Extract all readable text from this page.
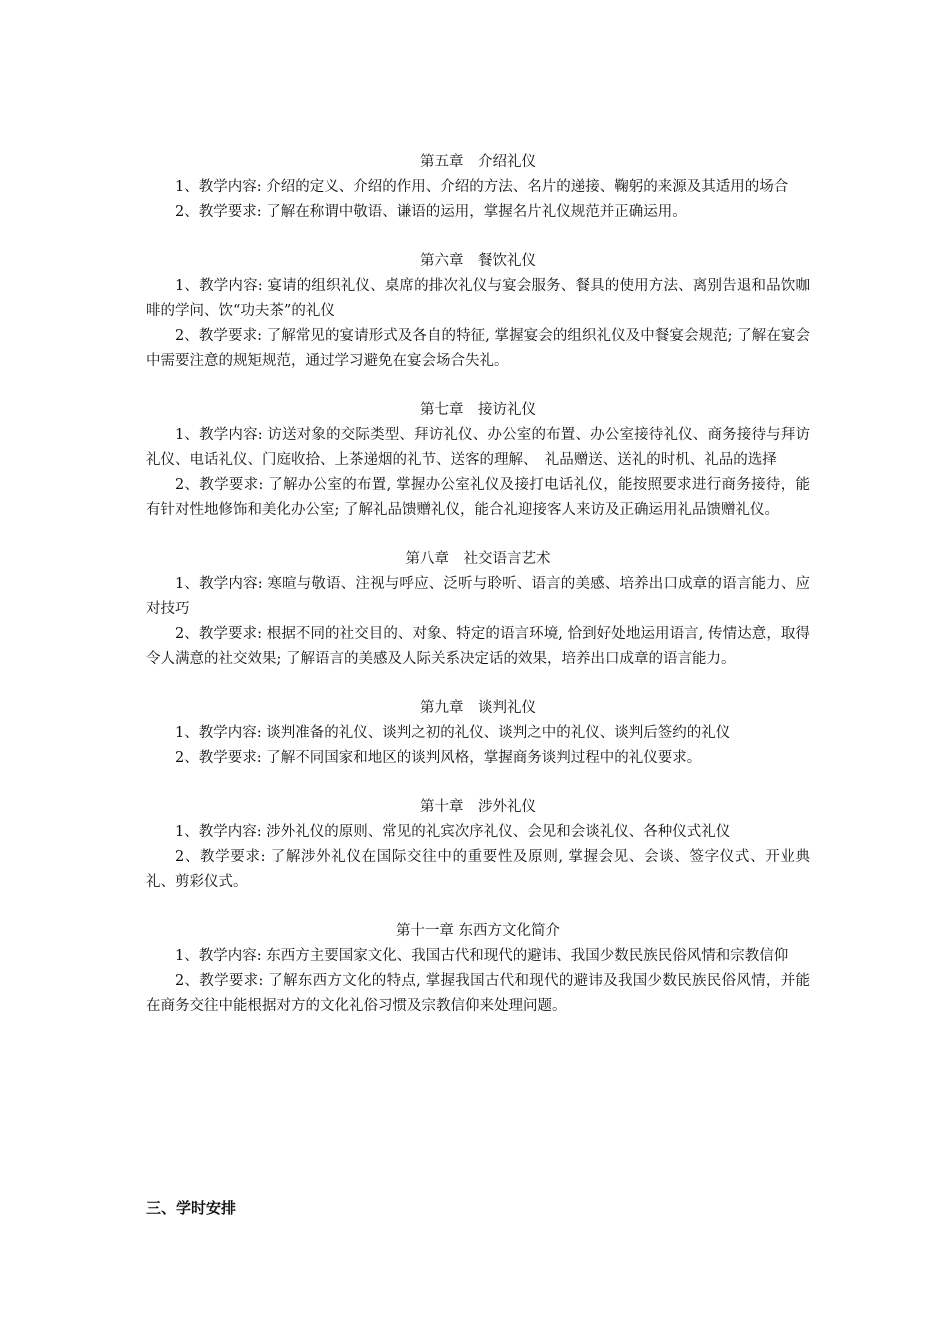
第五章　介绍礼仪

1、教学内容: 介绍的定义、介绍的作用、介绍的方法、名片的递接、鞠躬的来源及其适用的场合

2、教学要求: 了解在称谓中敬语、谦语的运用，掌握名片礼仪规范并正确运用。

第六章　餐饮礼仪

1、教学内容: 宴请的组织礼仪、桌席的排次礼仪与宴会服务、餐具的使用方法、离别告退和品饮咖啡的学问、饮“功夫茶”的礼仪

2、教学要求: 了解常见的宴请形式及各自的特征, 掌握宴会的组织礼仪及中餐宴会规范; 了解在宴会中需要注意的规矩规范，通过学习避免在宴会场合失礼。

第七章　接访礼仪

1、教学内容: 访送对象的交际类型、拜访礼仪、办公室的布置、办公室接待礼仪、商务接待与拜访礼仪、电话礼仪、门庭收拾、上茶递烟的礼节、送客的理解、　礼品赠送、送礼的时机、礼品的选择

2、教学要求: 了解办公室的布置, 掌握办公室礼仪及接打电话礼仪，能按照要求进行商务接待，能有针对性地修饰和美化办公室; 了解礼品馈赠礼仪，能合礼迎接客人来访及正确运用礼品馈赠礼仪。

第八章　社交语言艺术

1、教学内容: 寒暄与敬语、注视与呼应、泛听与聆听、语言的美感、培养出口成章的语言能力、应对技巧

2、教学要求: 根据不同的社交目的、对象、特定的语言环境, 恰到好处地运用语言, 传情达意，取得令人满意的社交效果; 了解语言的美感及人际关系决定话的效果，培养出口成章的语言能力。

第九章　谈判礼仪

1、教学内容: 谈判准备的礼仪、谈判之初的礼仪、谈判之中的礼仪、谈判后签约的礼仪

2、教学要求: 了解不同国家和地区的谈判风格，掌握商务谈判过程中的礼仪要求。

第十章　涉外礼仪

1、教学内容: 涉外礼仪的原则、常见的礼宾次序礼仪、会见和会谈礼仪、各种仪式礼仪

2、教学要求: 了解涉外礼仪在国际交往中的重要性及原则, 掌握会见、会谈、签字仪式、开业典礼、剪彩仪式。

第十一章 东西方文化简介

1、教学内容: 东西方主要国家文化、我国古代和现代的避讳、我国少数民族民俗风情和宗教信仰

2、教学要求: 了解东西方文化的特点, 掌握我国古代和现代的避讳及我国少数民族民俗风情，并能在商务交往中能根据对方的文化礼俗习惯及宗教信仰来处理问题。

三、学时安排
